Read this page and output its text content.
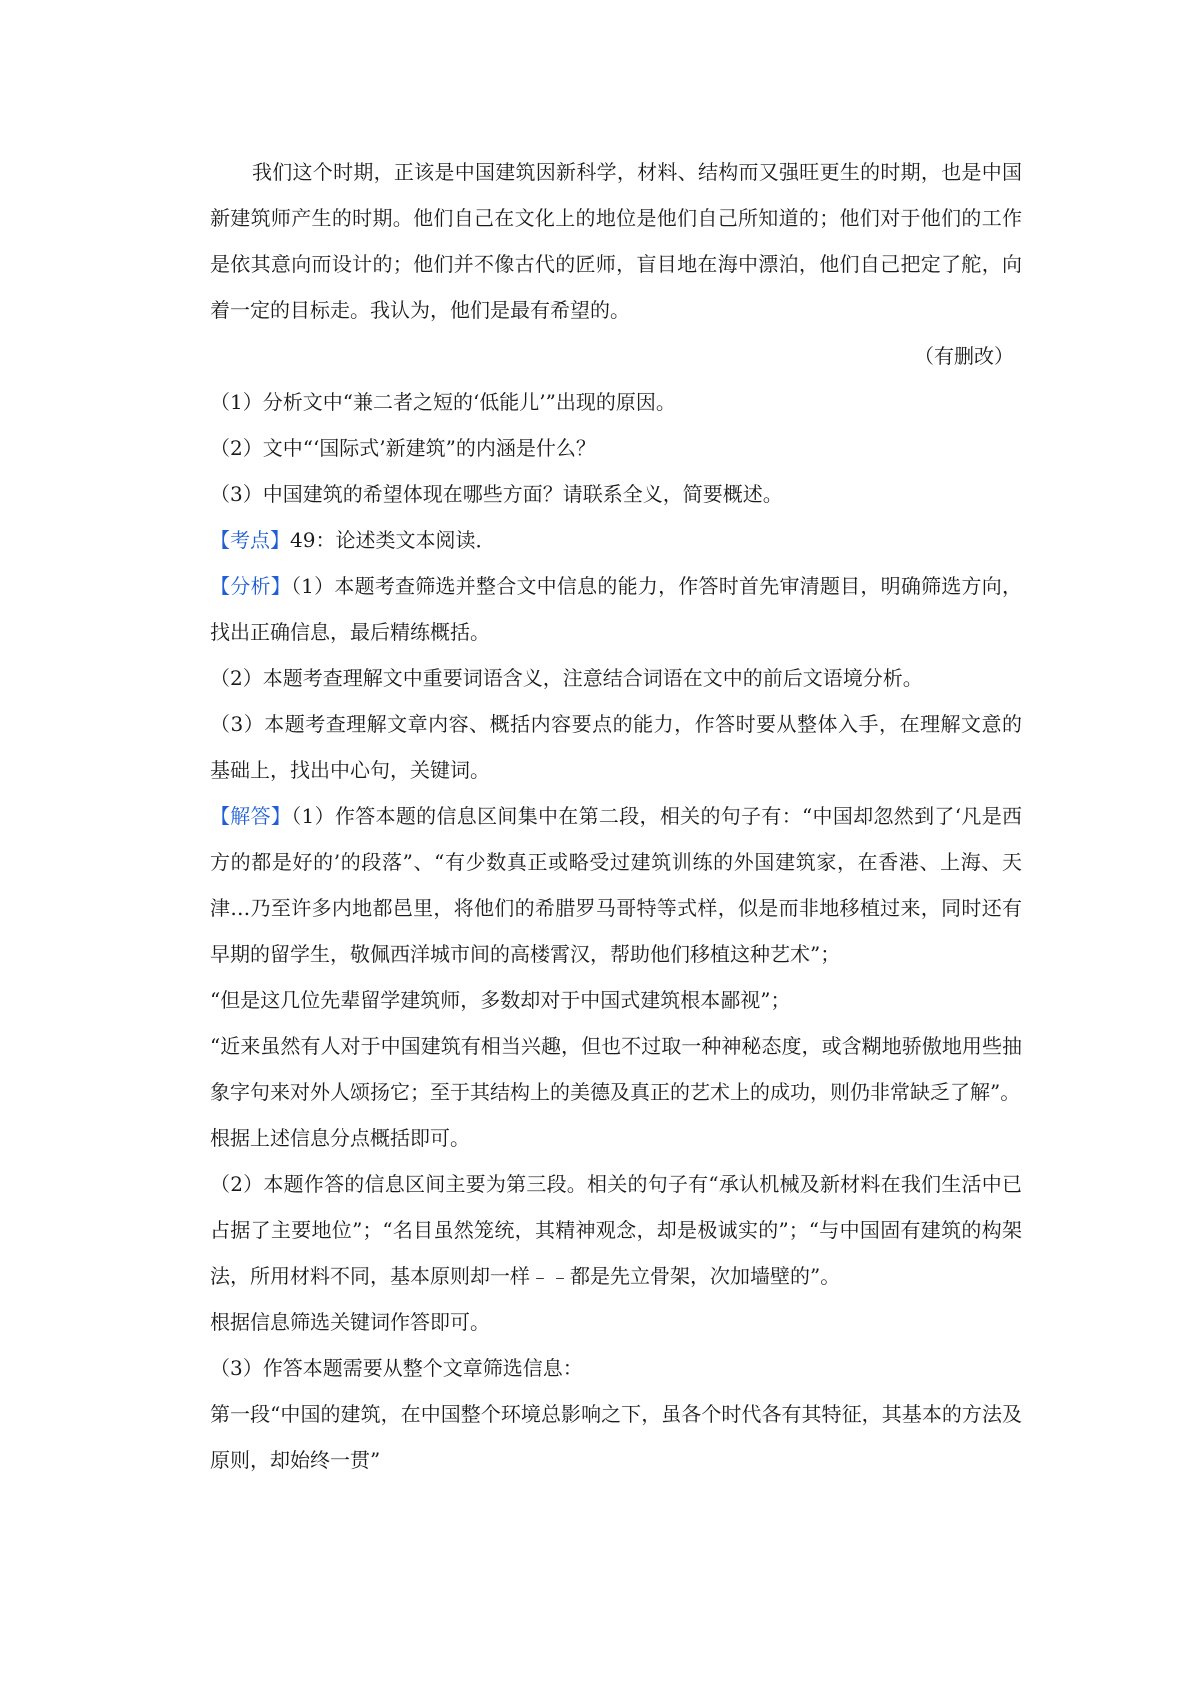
我们这个时期，正该是中国建筑因新科学，材料、结构而又强旺更生的时期，也是中国新建筑师产生的时期。他们自己在文化上的地位是他们自己所知道的；他们对于他们的工作是依其意向而设计的；他们并不像古代的匠师，盲目地在海中漂泊，他们自己把定了舵，向着一定的目标走。我认为，他们是最有希望的。

（有删改）

（1）分析文中“兼二者之短的‘低能儿’”出现的原因。

（2）文中“‘国际式’新建筑”的内涵是什么？

（3）中国建筑的希望体现在哪些方面？请联系全义，简要概述。

【考点】49：论述类文本阅读．

【分析】（1）本题考查筛选并整合文中信息的能力，作答时首先审清题目，明确筛选方向，找出正确信息，最后精练概括。

（2）本题考查理解文中重要词语含义，注意结合词语在文中的前后文语境分析。

（3）本题考查理解文章内容、概括内容要点的能力，作答时要从整体入手，在理解文意的基础上，找出中心句，关键词。

【解答】（1）作答本题的信息区间集中在第二段，相关的句子有：“中国却忽然到了‘凡是西方的都是好的’的段落”、“有少数真正或略受过建筑训练的外国建筑家，在香港、上海、天津…乃至许多内地都邑里，将他们的希腊罗马哥特等式样，似是而非地移植过来，同时还有早期的留学生，敬佩西洋城市间的高楼霄汉，帮助他们移植这种艺术”；

“但是这几位先辈留学建筑师，多数却对于中国式建筑根本鄙视”；

“近来虽然有人对于中国建筑有相当兴趣，但也不过取一种神秘态度，或含糊地骄傲地用些抽象字句来对外人颂扬它；至于其结构上的美德及真正的艺术上的成功，则仍非常缺乏了解”。

根据上述信息分点概括即可。

（2）本题作答的信息区间主要为第三段。相关的句子有“承认机械及新材料在我们生活中已占据了主要地位”；“名目虽然笼统，其精神观念，却是极诚实的”；“与中国固有建筑的构架法，所用材料不同，基本原则却一样﹣﹣都是先立骨架，次加墙壁的”。

根据信息筛选关键词作答即可。

（3）作答本题需要从整个文章筛选信息：

第一段“中国的建筑，在中国整个环境总影响之下，虽各个时代各有其特征，其基本的方法及原则，却始终一贯”
